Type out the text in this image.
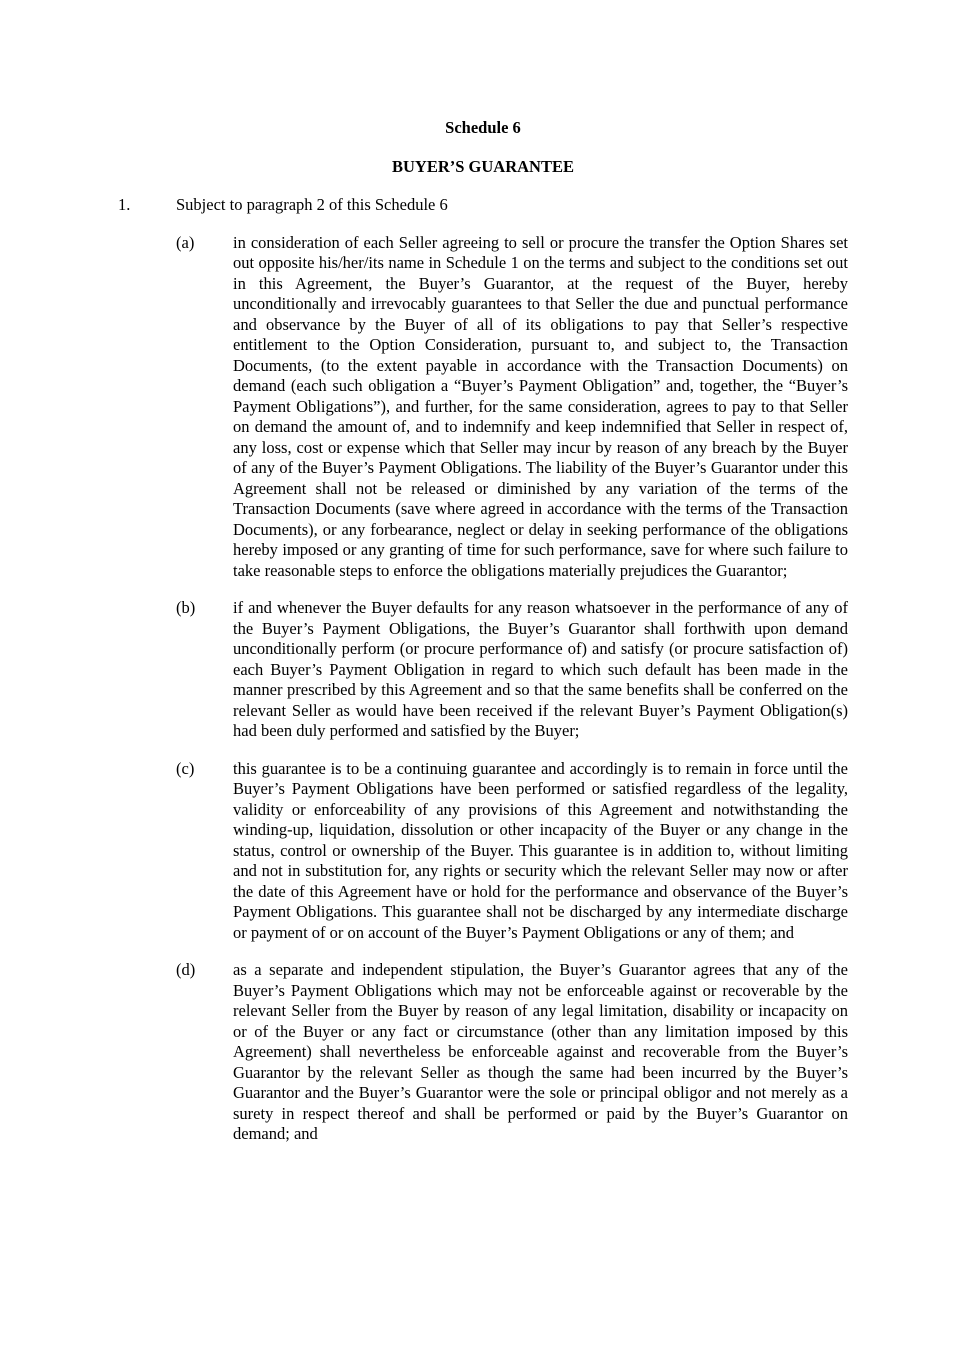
Schedule 6
BUYER’S GUARANTEE
1.	Subject to paragraph 2 of this Schedule 6
(a)	in consideration of each Seller agreeing to sell or procure the transfer the Option Shares set out opposite his/her/its name in Schedule 1 on the terms and subject to the conditions set out in this Agreement, the Buyer’s Guarantor, at the request of the Buyer, hereby unconditionally and irrevocably guarantees to that Seller the due and punctual performance and observance by the Buyer of all of its obligations to pay that Seller’s respective entitlement to the Option Consideration, pursuant to, and subject to, the Transaction Documents, (to the extent payable in accordance with the Transaction Documents) on demand (each such obligation a “Buyer’s Payment Obligation” and, together, the “Buyer’s Payment Obligations”), and further, for the same consideration, agrees to pay to that Seller on demand the amount of, and to indemnify and keep indemnified that Seller in respect of, any loss, cost or expense which that Seller may incur by reason of any breach by the Buyer of any of the Buyer’s Payment Obligations. The liability of the Buyer’s Guarantor under this Agreement shall not be released or diminished by any variation of the terms of the Transaction Documents (save where agreed in accordance with the terms of the Transaction Documents), or any forbearance, neglect or delay in seeking performance of the obligations hereby imposed or any granting of time for such performance, save for where such failure to take reasonable steps to enforce the obligations materially prejudices the Guarantor;
(b)	if and whenever the Buyer defaults for any reason whatsoever in the performance of any of the Buyer’s Payment Obligations, the Buyer’s Guarantor shall forthwith upon demand unconditionally perform (or procure performance of) and satisfy (or procure satisfaction of) each Buyer’s Payment Obligation in regard to which such default has been made in the manner prescribed by this Agreement and so that the same benefits shall be conferred on the relevant Seller as would have been received if the relevant Buyer’s Payment Obligation(s) had been duly performed and satisfied by the Buyer;
(c)	this guarantee is to be a continuing guarantee and accordingly is to remain in force until the Buyer’s Payment Obligations have been performed or satisfied regardless of the legality, validity or enforceability of any provisions of this Agreement and notwithstanding the winding-up, liquidation, dissolution or other incapacity of the Buyer or any change in the status, control or ownership of the Buyer. This guarantee is in addition to, without limiting and not in substitution for, any rights or security which the relevant Seller may now or after the date of this Agreement have or hold for the performance and observance of the Buyer’s Payment Obligations. This guarantee shall not be discharged by any intermediate discharge or payment of or on account of the Buyer’s Payment Obligations or any of them; and
(d)	as a separate and independent stipulation, the Buyer’s Guarantor agrees that any of the Buyer’s Payment Obligations which may not be enforceable against or recoverable by the relevant Seller from the Buyer by reason of any legal limitation, disability or incapacity on or of the Buyer or any fact or circumstance (other than any limitation imposed by this Agreement) shall nevertheless be enforceable against and recoverable from the Buyer’s Guarantor by the relevant Seller as though the same had been incurred by the Buyer’s Guarantor and the Buyer’s Guarantor were the sole or principal obligor and not merely as a surety in respect thereof and shall be performed or paid by the Buyer’s Guarantor on demand; and
